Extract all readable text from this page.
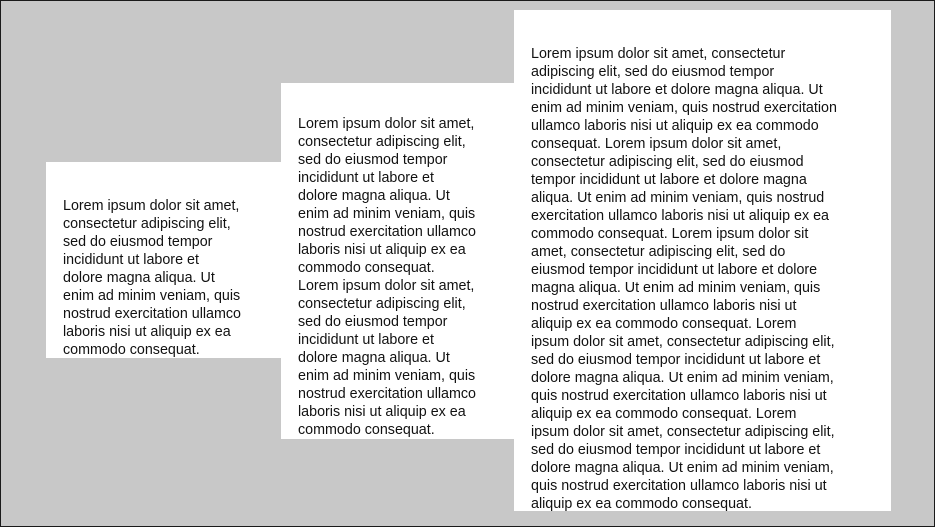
Lorem ipsum dolor sit amet,
consectetur adipiscing elit,
sed do eiusmod tempor
incididunt ut labore et
dolore magna aliqua. Ut
enim ad minim veniam, quis
nostrud exercitation ullamco
laboris nisi ut aliquip ex ea
commodo consequat.

Lorem ipsum dolor sit amet,
consectetur adipiscing elit,
sed do eiusmod tempor
incididunt ut labore et
dolore magna aliqua. Ut
enim ad minim veniam, quis
nostrud exercitation ullamco
laboris nisi ut aliquip ex ea
commodo consequat.
Lorem ipsum dolor sit amet,
consectetur adipiscing elit,
sed do eiusmod tempor
incididunt ut labore et
dolore magna aliqua. Ut
enim ad minim veniam, quis
nostrud exercitation ullamco
laboris nisi ut aliquip ex ea
commodo consequat.

Lorem ipsum dolor sit amet, consectetur
adipiscing elit, sed do eiusmod tempor
incididunt ut labore et dolore magna aliqua. Ut
enim ad minim veniam, quis nostrud exercitation
ullamco laboris nisi ut aliquip ex ea commodo
consequat. Lorem ipsum dolor sit amet,
consectetur adipiscing elit, sed do eiusmod
tempor incididunt ut labore et dolore magna
aliqua. Ut enim ad minim veniam, quis nostrud
exercitation ullamco laboris nisi ut aliquip ex ea
commodo consequat. Lorem ipsum dolor sit
amet, consectetur adipiscing elit, sed do
eiusmod tempor incididunt ut labore et dolore
magna aliqua. Ut enim ad minim veniam, quis
nostrud exercitation ullamco laboris nisi ut
aliquip ex ea commodo consequat. Lorem
ipsum dolor sit amet, consectetur adipiscing elit,
sed do eiusmod tempor incididunt ut labore et
dolore magna aliqua. Ut enim ad minim veniam,
quis nostrud exercitation ullamco laboris nisi ut
aliquip ex ea commodo consequat. Lorem
ipsum dolor sit amet, consectetur adipiscing elit,
sed do eiusmod tempor incididunt ut labore et
dolore magna aliqua. Ut enim ad minim veniam,
quis nostrud exercitation ullamco laboris nisi ut
aliquip ex ea commodo consequat.
